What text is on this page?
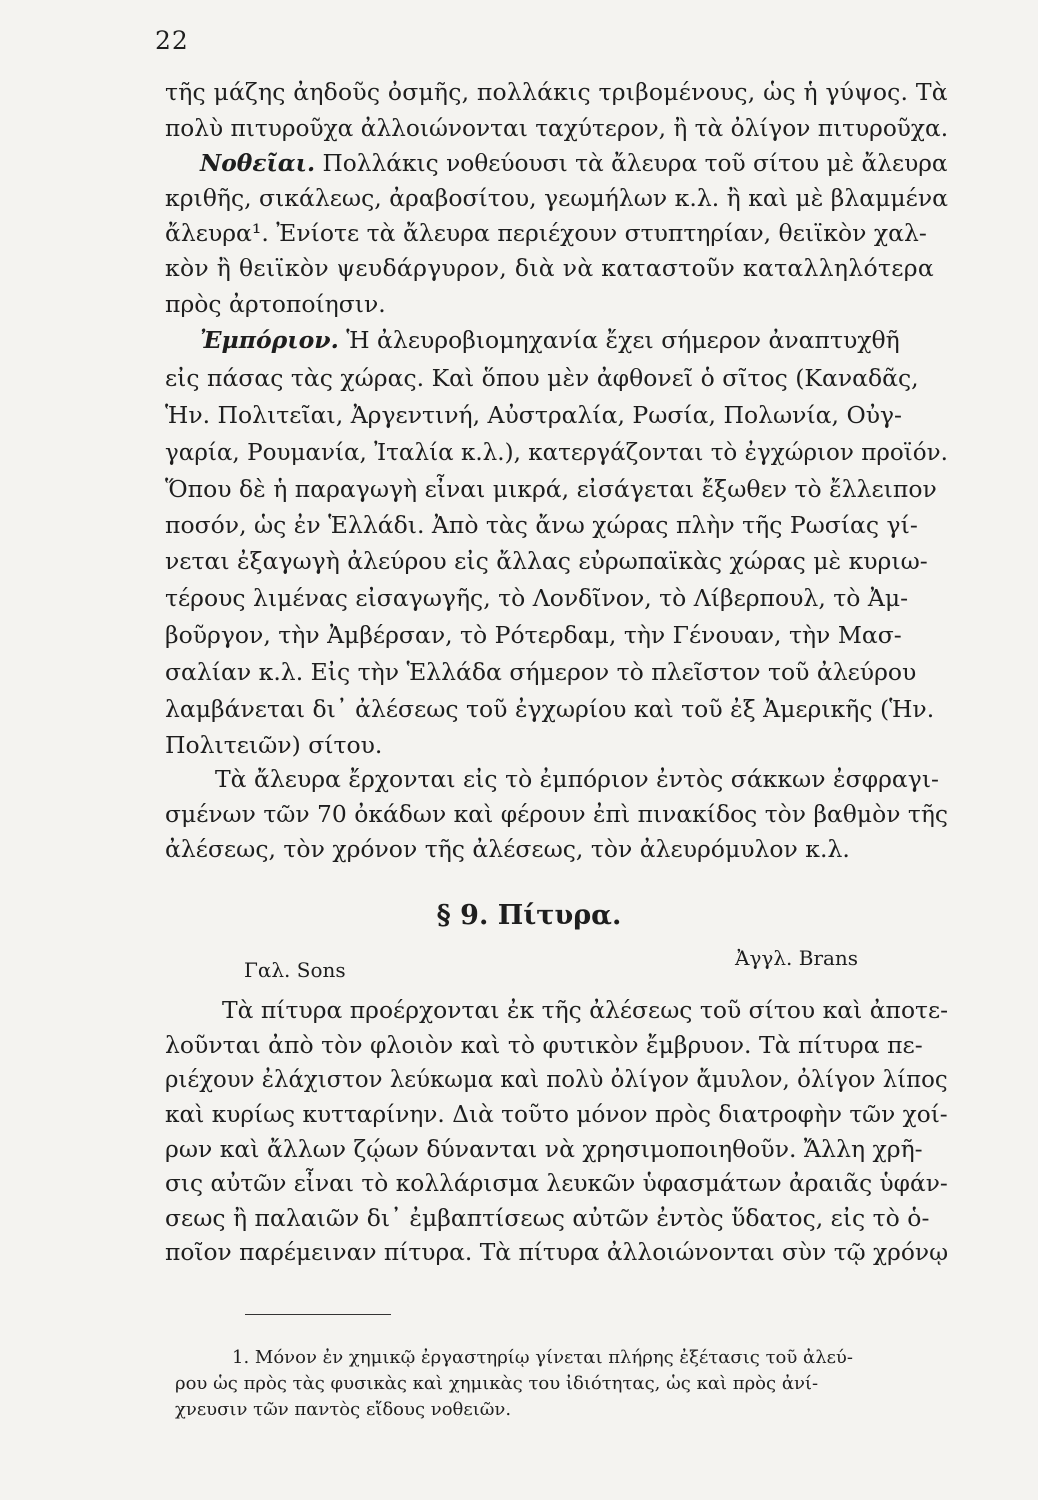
22
τῆς μάζης ἀηδοῦς ὀσμῆς, πολλάκις τριβομένους, ὡς ἡ γύψος. Τὰ
πολὺ πιτυροῦχα ἀλλοιώνονται ταχύτερον, ἢ τὰ ὀλίγον πιτυροῦχα.
Νοθεῖαι. Πολλάκις νοθεύουσι τὰ ἄλευρα τοῦ σίτου μὲ ἄλευρα
κριθῆς, σικάλεως, ἀραβοσίτου, γεωμήλων κ.λ. ἢ καὶ μὲ βλαμμένα
ἄλευρα¹. Ἐνίοτε τὰ ἄλευρα περιέχουν στυπτηρίαν, θειϊκὸν χαλ-
κὸν ἢ θειϊκὸν ψευδάργυρον, διὰ νὰ καταστοῦν καταλληλότερα
πρὸς ἀρτοποίησιν.
Ἐμπόριον. Ἡ ἀλευροβιομηχανία ἔχει σήμερον ἀναπτυχθῆ
εἰς πάσας τὰς χώρας. Καὶ ὅπου μὲν ἀφθονεῖ ὁ σῖτος (Καναδᾶς,
Ἡν. Πολιτεῖαι, Ἀργεντινή, Αὐστραλία, Ρωσία, Πολωνία, Οὐγ-
γαρία, Ρουμανία, Ἰταλία κ.λ.), κατεργάζονται τὸ ἐγχώριον προϊόν.
Ὅπου δὲ ἡ παραγωγὴ εἶναι μικρά, εἰσάγεται ἔξωθεν τὸ ἔλλειπον
ποσόν, ὡς ἐν Ἑλλάδι. Ἀπὸ τὰς ἄνω χώρας πλὴν τῆς Ρωσίας γί-
νεται ἐξαγωγὴ ἀλεύρου εἰς ἄλλας εὐρωπαϊκὰς χώρας μὲ κυριω-
τέρους λιμένας εἰσαγωγῆς, τὸ Λονδῖνον, τὸ Λίβερπουλ, τὸ Ἀμ-
βοῦργον, τὴν Ἀμβέρσαν, τὸ Ρότερδαμ, τὴν Γένουαν, τὴν Μασ-
σαλίαν κ.λ. Εἰς τὴν Ἑλλάδα σήμερον τὸ πλεῖστον τοῦ ἀλεύρου
λαμβάνεται δι᾿ ἀλέσεως τοῦ ἐγχωρίου καὶ τοῦ ἐξ Ἀμερικῆς (Ἡν.
Πολιτειῶν) σίτου.
Τὰ ἄλευρα ἔρχονται εἰς τὸ ἐμπόριον ἐντὸς σάκκων ἐσφραγι-
σμένων τῶν 70 ὀκάδων καὶ φέρουν ἐπὶ πινακίδος τὸν βαθμὸν τῆς
ἀλέσεως, τὸν χρόνον τῆς ἀλέσεως, τὸν ἀλευρόμυλον κ.λ.
§ 9. Πίτυρα.
Γαλ. Sons	Ἀγγλ. Brans
Τὰ πίτυρα προέρχονται ἐκ τῆς ἀλέσεως τοῦ σίτου καὶ ἀποτε-
λοῦνται ἀπὸ τὸν φλοιὸν καὶ τὸ φυτικὸν ἔμβρυον. Τὰ πίτυρα πε-
ριέχουν ἐλάχιστον λεύκωμα καὶ πολὺ ὀλίγον ἄμυλον, ὀλίγον λίπος
καὶ κυρίως κυτταρίνην. Διὰ τοῦτο μόνον πρὸς διατροφὴν τῶν χοί-
ρων καὶ ἄλλων ζῴων δύνανται νὰ χρησιμοποιηθοῦν. Ἄλλη χρῆ-
σις αὐτῶν εἶναι τὸ κολλάρισμα λευκῶν ὑφασμάτων ἀραιᾶς ὑφάν-
σεως ἢ παλαιῶν δι᾿ ἐμβαπτίσεως αὐτῶν ἐντὸς ὕδατος, εἰς τὸ ὁ-
ποῖον παρέμειναν πίτυρα. Τὰ πίτυρα ἀλλοιώνονται σὺν τῷ χρόνῳ
1. Μόνον ἐν χημικῷ ἐργαστηρίῳ γίνεται πλήρης ἐξέτασις τοῦ ἀλεύ-
ρου ὡς πρὸς τὰς φυσικὰς καὶ χημικὰς του ἰδιότητας, ὡς καὶ πρὸς ἀνί-
χνευσιν τῶν παντὸς εἴδους νοθειῶν.
